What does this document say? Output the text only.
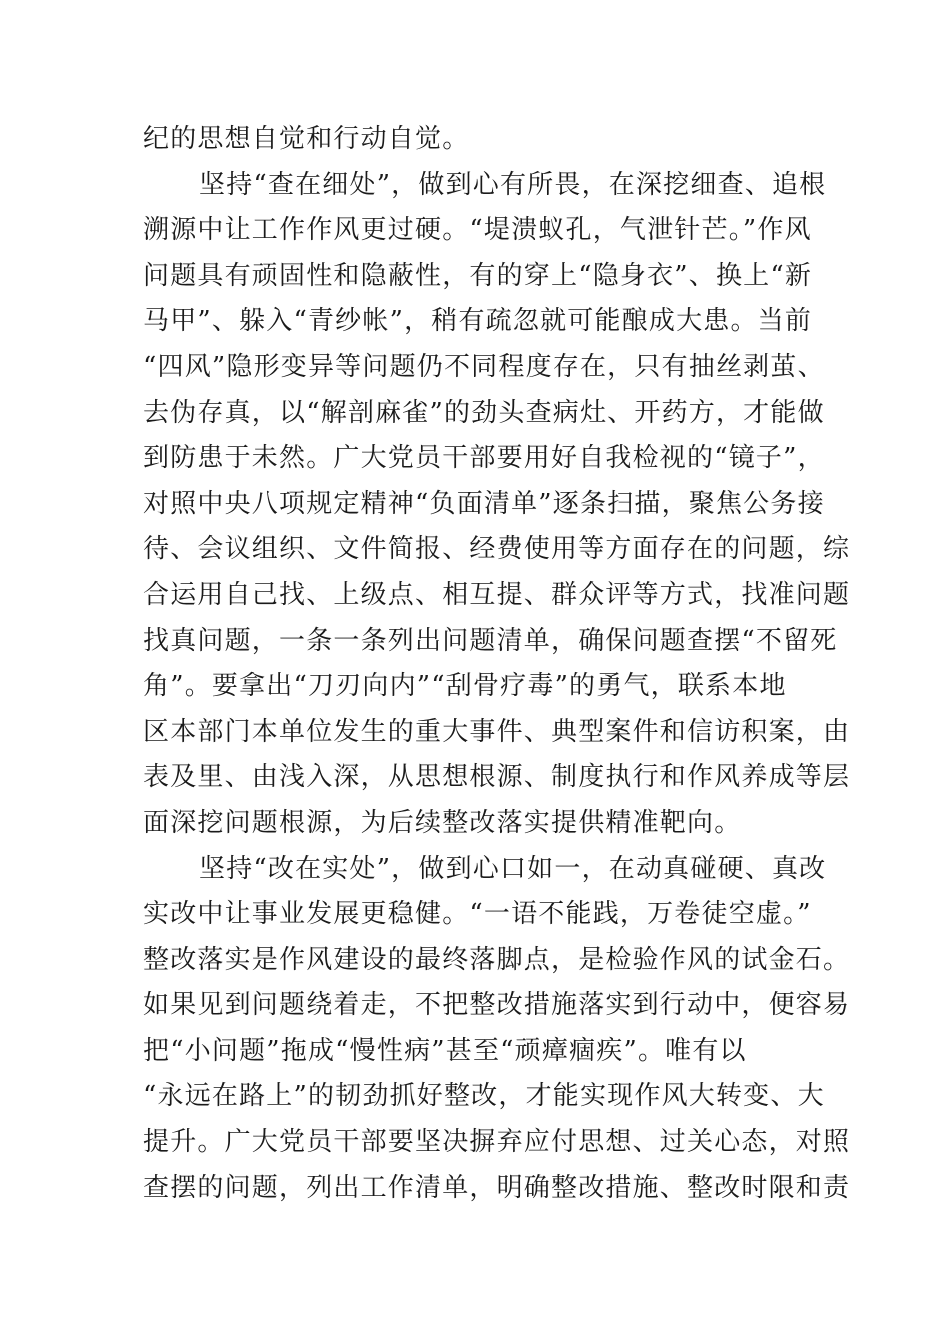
纪的思想自觉和行动自觉。
坚持“查在细处”，做到心有所畏，在深挖细查、追根
溯源中让工作作风更过硬。“堤溃蚁孔，气泄针芒。”作风
问题具有顽固性和隐蔽性，有的穿上“隐身衣”、换上“新
马甲”、躲入“青纱帐”，稍有疏忽就可能酿成大患。当前
“四风”隐形变异等问题仍不同程度存在，只有抽丝剥茧、
去伪存真，以“解剖麻雀”的劲头查病灶、开药方，才能做
到防患于未然。广大党员干部要用好自我检视的“镜子”，
对照中央八项规定精神“负面清单”逐条扫描，聚焦公务接
待、会议组织、文件简报、经费使用等方面存在的问题，综
合运用自己找、上级点、相互提、群众评等方式，找准问题
找真问题，一条一条列出问题清单，确保问题查摆“不留死
角”。要拿出“刀刃向内”“刮骨疗毒”的勇气，联系本地
区本部门本单位发生的重大事件、典型案件和信访积案，由
表及里、由浅入深，从思想根源、制度执行和作风养成等层
面深挖问题根源，为后续整改落实提供精准靶向。
坚持“改在实处”，做到心口如一，在动真碰硬、真改
实改中让事业发展更稳健。“一语不能践，万卷徒空虚。”
整改落实是作风建设的最终落脚点，是检验作风的试金石。
如果见到问题绕着走，不把整改措施落实到行动中，便容易
把“小问题”拖成“慢性病”甚至“顽瘴痼疾”。唯有以
“永远在路上”的韧劲抓好整改，才能实现作风大转变、大
提升。广大党员干部要坚决摒弃应付思想、过关心态，对照
查摆的问题，列出工作清单，明确整改措施、整改时限和责
